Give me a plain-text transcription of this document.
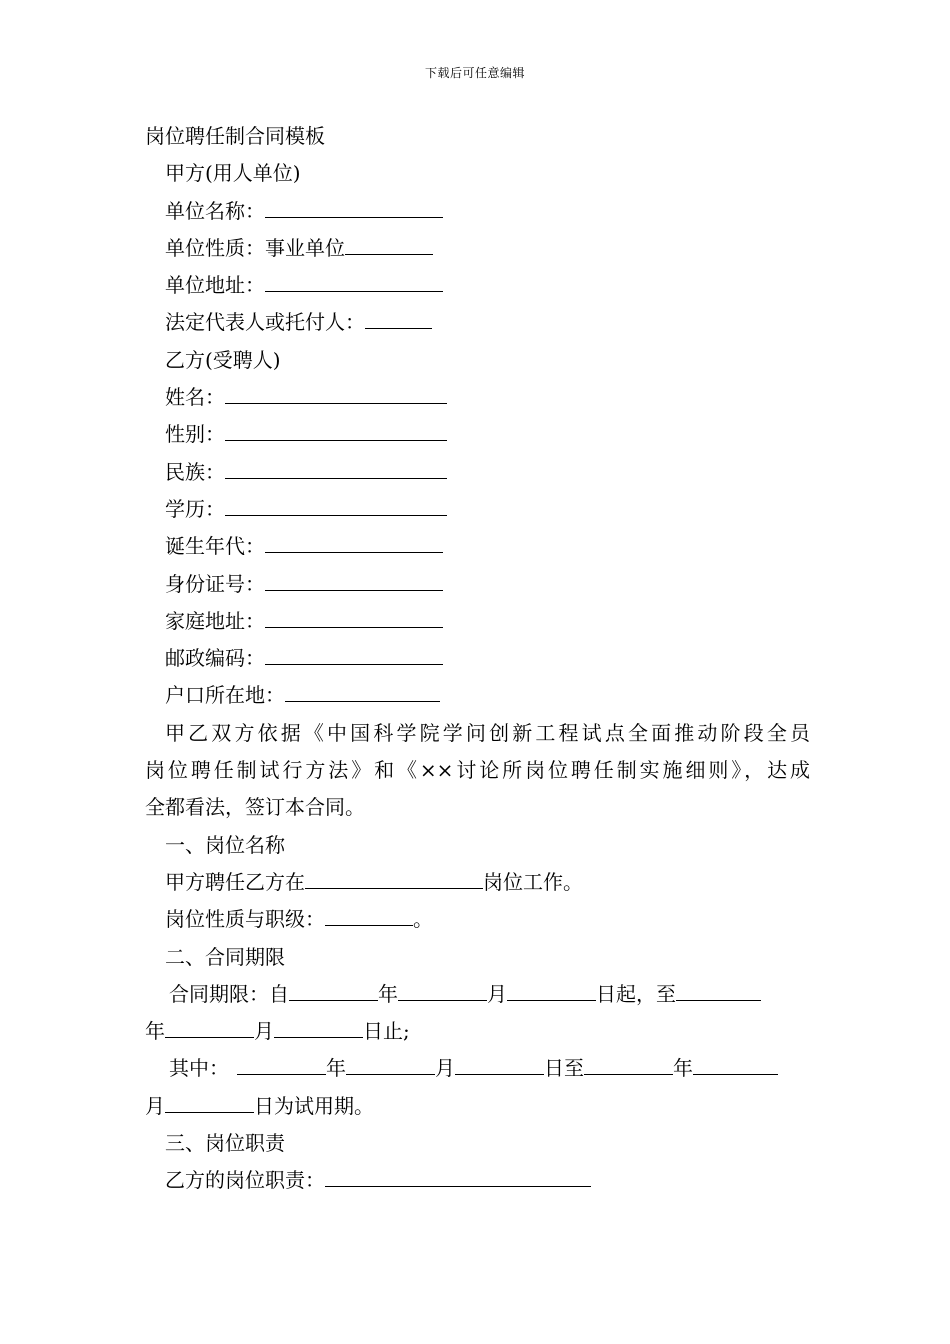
下载后可任意编辑
岗位聘任制合同模板
甲方(用人单位)
单位名称：
单位性质：事业单位
单位地址：
法定代表人或托付人：
乙方(受聘人)
姓名：
性别：
民族：
学历：
诞生年代：
身份证号：
家庭地址：
邮政编码：
户口所在地：
甲乙双方依据《中国科学院学问创新工程试点全面推动阶段全员
岗位聘任制试行方法》和《××讨论所岗位聘任制实施细则》，达成
全都看法，签订本合同。
一、岗位名称
甲方聘任乙方在	岗位工作。
岗位性质与职级：	。
二、合同期限
合同期限：自	年	月	日起，至
年	月	日止;
其中：	年	月	日至	年
月	日为试用期。
三、岗位职责
乙方的岗位职责：
